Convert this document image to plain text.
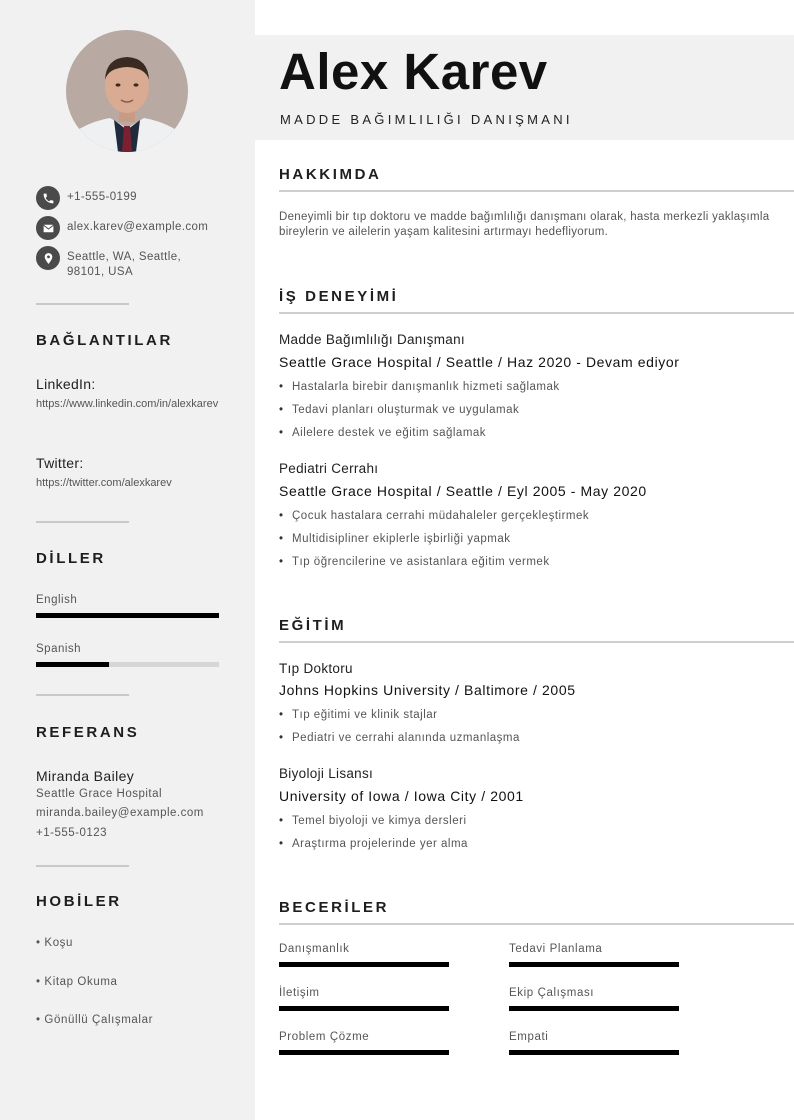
+1-555-0199
alex.karev@example.com
Seattle, WA, Seattle, 98101, USA
BAĞLANTILAR
LinkedIn:
https://www.linkedin.com/in/alexkarev
Twitter:
https://twitter.com/alexkarev
DİLLER
English
Spanish
REFERANS
Miranda Bailey
Seattle Grace Hospital
miranda.bailey@example.com
+1-555-0123
HOBİLER
• Koşu
• Kitap Okuma
• Gönüllü Çalışmalar
Alex Karev
MADDE BAĞIMLILIĞI DANIŞMANI
HAKKIMDA
Deneyimli bir tıp doktoru ve madde bağımlılığı danışmanı olarak, hasta merkezli yaklaşımla bireylerin ve ailelerin yaşam kalitesini artırmayı hedefliyorum.
İŞ DENEYİMİ
Madde Bağımlılığı Danışmanı
Seattle Grace Hospital / Seattle / Haz 2020 - Devam ediyor
• Hastalarla birebir danışmanlık hizmeti sağlamak
• Tedavi planları oluşturmak ve uygulamak
• Ailelere destek ve eğitim sağlamak
Pediatri Cerrahı
Seattle Grace Hospital / Seattle / Eyl 2005 - May 2020
• Çocuk hastalara cerrahi müdahaleler gerçekleştirmek
• Multidisipliner ekiplerle işbirliği yapmak
• Tıp öğrencilerine ve asistanlara eğitim vermek
EĞİTİM
Tıp Doktoru
Johns Hopkins University / Baltimore / 2005
• Tıp eğitimi ve klinik stajlar
• Pediatri ve cerrahi alanında uzmanlaşma
Biyoloji Lisansı
University of Iowa / Iowa City / 2001
• Temel biyoloji ve kimya dersleri
• Araştırma projelerinde yer alma
BECERİLER
Danışmanlık	Tedavi Planlama
İletişim	Ekip Çalışması
Problem Çözme	Empati
